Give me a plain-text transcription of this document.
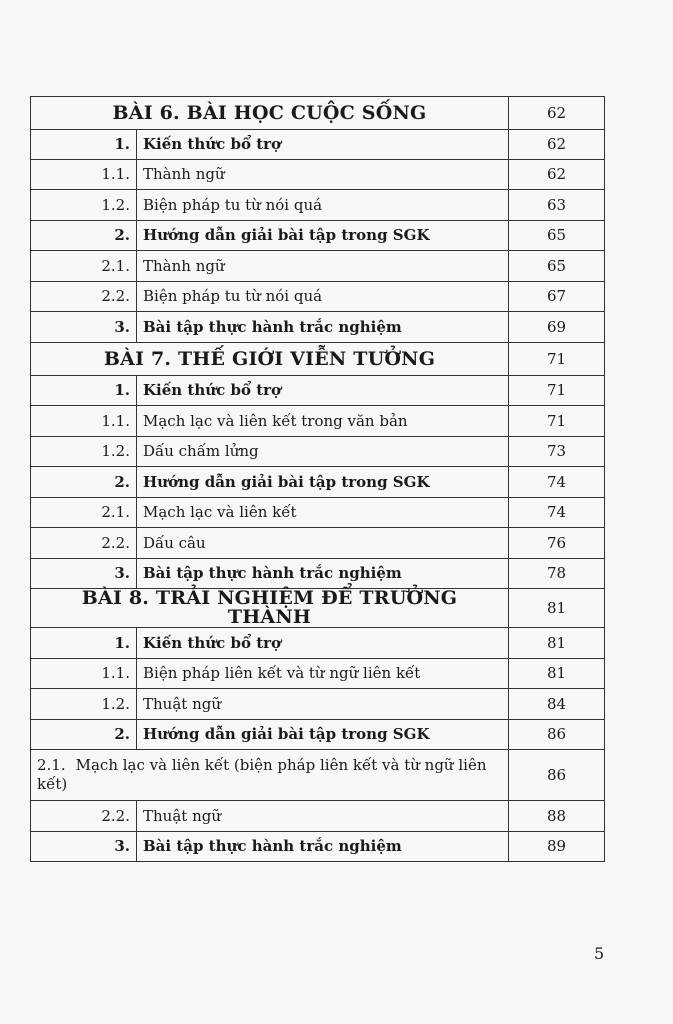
BÀI 6. BÀI HỌC CUỘC SỐNG		62
1.	Kiến thức bổ trợ	62
1.1.	Thành ngữ	62
1.2.	Biện pháp tu từ nói quá	63
2.	Hướng dẫn giải bài tập trong SGK	65
2.1.	Thành ngữ	65
2.2.	Biện pháp tu từ nói quá	67
3.	Bài tập thực hành trắc nghiệm	69
BÀI 7. THẾ GIỚI VIỄN TƯỞNG		71
1.	Kiến thức bổ trợ	71
1.1.	Mạch lạc và liên kết trong văn bản	71
1.2.	Dấu chấm lửng	73
2.	Hướng dẫn giải bài tập trong SGK	74
2.1.	Mạch lạc và liên kết	74
2.2.	Dấu câu	76
3.	Bài tập thực hành trắc nghiệm	78
BÀI 8. TRẢI NGHIỆM ĐỂ TRƯỞNG THÀNH		81
1.	Kiến thức bổ trợ	81
1.1.	Biện pháp liên kết và từ ngữ liên kết	81
1.2.	Thuật ngữ	84
2.	Hướng dẫn giải bài tập trong SGK	86
2.1. Mạch lạc và liên kết (biện pháp liên kết và từ ngữ liên kết)		86
2.2.	Thuật ngữ	88
3.	Bài tập thực hành trắc nghiệm	89
5
